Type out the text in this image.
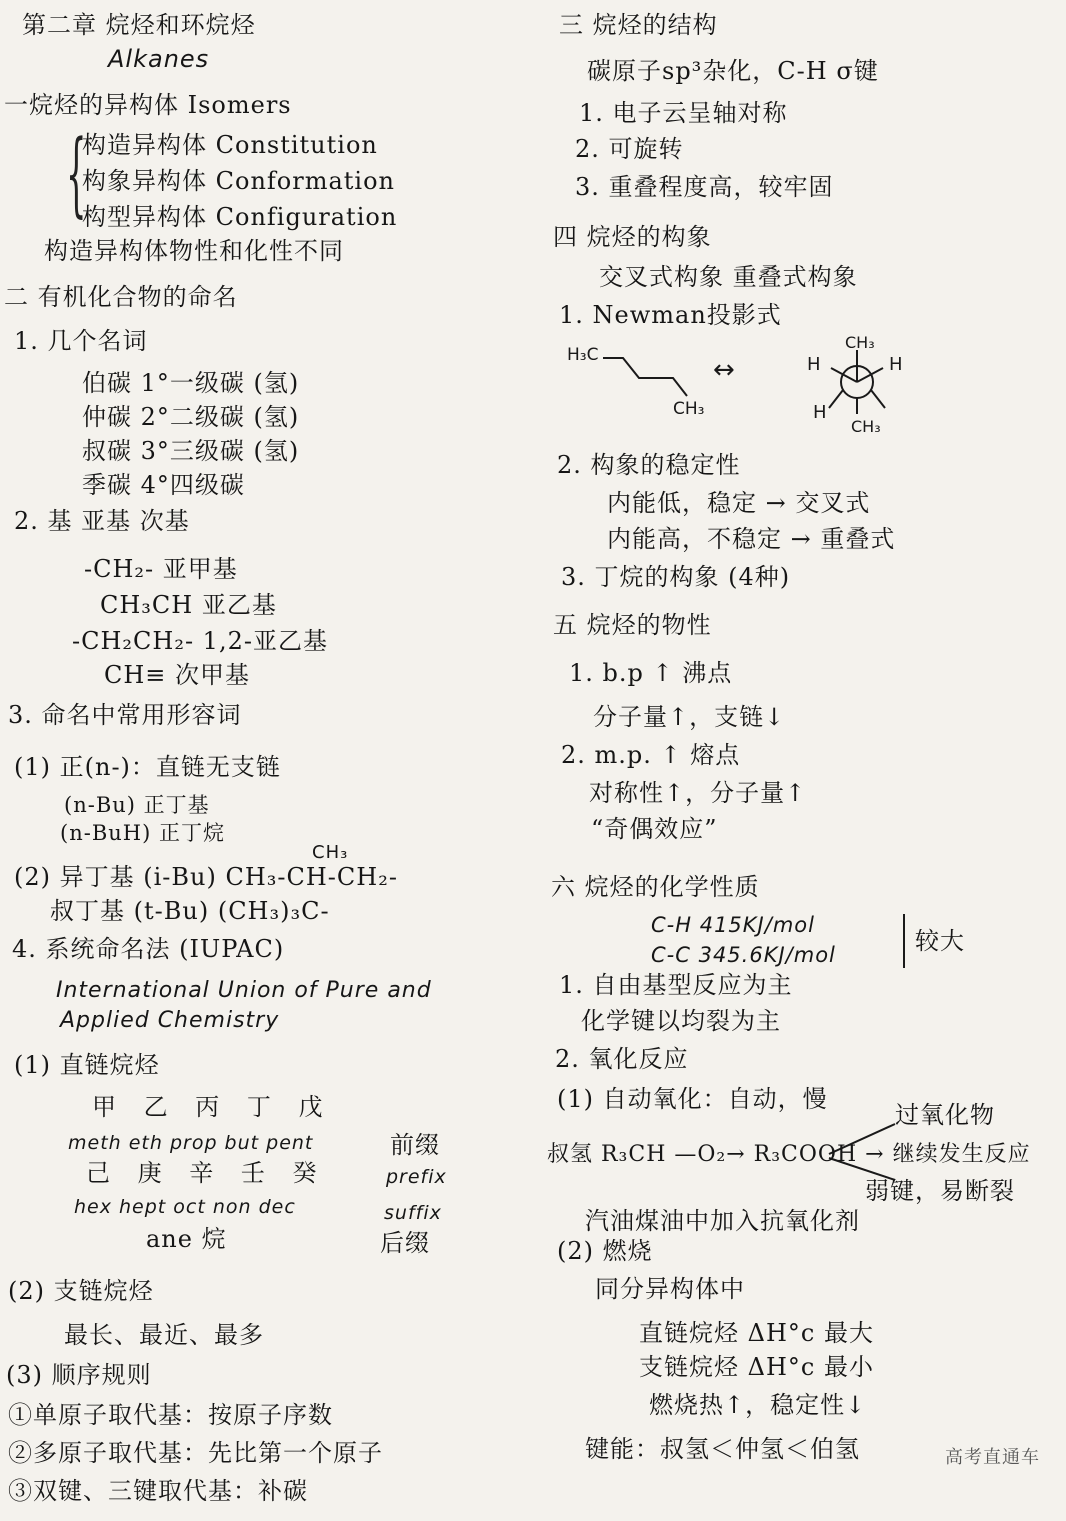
{
第二章 烷烃和环烷烃
Alkanes
一烷烃的异构体 Isomers
构造异构体 Constitution
构象异构体 Conformation
构型异构体 Configuration
构造异构体物性和化性不同
二 有机化合物的命名
1. 几个名词
伯碳 1°一级碳 (氢)
仲碳 2°二级碳 (氢)
叔碳 3°三级碳 (氢)
季碳 4°四级碳
2. 基 亚基 次基
-CH₂- 亚甲基
CH₃CH 亚乙基
-CH₂CH₂- 1,2-亚乙基
CH≡ 次甲基
3. 命名中常用形容词
(1) 正(n-)：直链无支链
(n-Bu) 正丁基
(n-BuH) 正丁烷
CH₃
(2) 异丁基 (i-Bu) CH₃-CH-CH₂-
叔丁基 (t-Bu) (CH₃)₃C-
4. 系统命名法 (IUPAC)
International Union of Pure and
Applied Chemistry
(1) 直链烷烃
甲 乙 丙 丁 戊
meth eth prop but pent
己 庚 辛 壬 癸
hex hept oct non dec
ane 烷
前缀
prefix
suffix
后缀
(2) 支链烷烃
最长、最近、最多
(3) 顺序规则
①单原子取代基：按原子序数
②多原子取代基：先比第一个原子
③双键、三键取代基：补碳
三 烷烃的结构
碳原子sp³杂化，C-H σ键
1. 电子云呈轴对称
2. 可旋转
3. 重叠程度高，较牢固
四 烷烃的构象
交叉式构象 重叠式构象
1. Newman投影式
H₃C
CH₃
↔
CH₃
H	H
H
CH₃
2. 构象的稳定性
内能低，稳定 → 交叉式
内能高，不稳定 → 重叠式
3. 丁烷的构象 (4种)
五 烷烃的物性
1. b.p ↑ 沸点
分子量↑，支链↓
2. m.p. ↑ 熔点
对称性↑，分子量↑
“奇偶效应”
六 烷烃的化学性质
C-H 415KJ/mol
C-C 345.6KJ/mol	较大
1. 自由基型反应为主
化学键以均裂为主
2. 氧化反应
(1) 自动氧化：自动，慢
过氧化物
叔氢 R₃CH —O₂→ R₃COOH → 继续发生反应
弱键，易断裂
汽油煤油中加入抗氧化剂
(2) 燃烧
同分异构体中
直链烷烃 ΔH°c 最大
支链烷烃 ΔH°c 最小
燃烧热↑，稳定性↓
键能：叔氢＜仲氢＜伯氢	高考直通车
